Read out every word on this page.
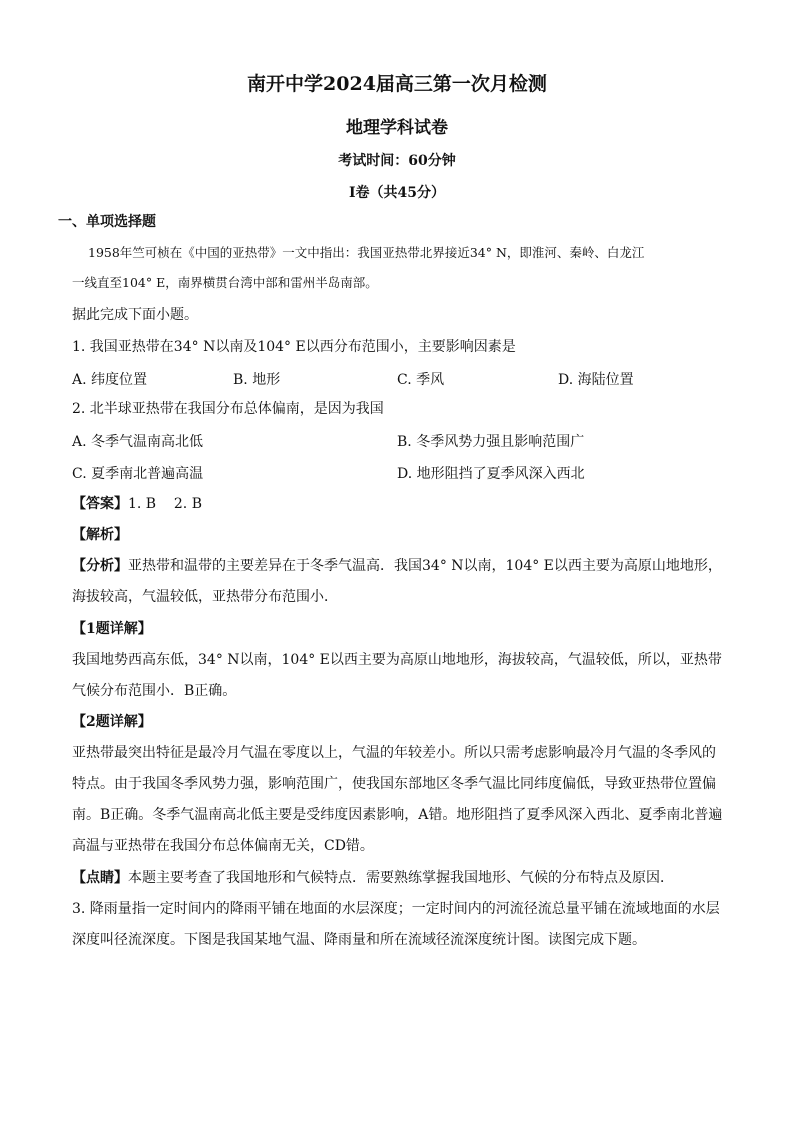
南开中学2024届高三第一次月检测
地理学科试卷
考试时间：60分钟
I卷（共45分）
一、单项选择题
1958年竺可桢在《中国的亚热带》一文中指出：我国亚热带北界接近34° N，即淮河、秦岭、白龙江
一线直至104° E，南界横贯台湾中部和雷州半岛南部。
据此完成下面小题。
1. 我国亚热带在34° N以南及104° E以西分布范围小，主要影响因素是
A. 纬度位置	B. 地形	C. 季风	D. 海陆位置
2. 北半球亚热带在我国分布总体偏南，是因为我国
A. 冬季气温南高北低	B. 冬季风势力强且影响范围广
C. 夏季南北普遍高温	D. 地形阻挡了夏季风深入西北
【答案】1. B    2. B
【解析】
【分析】亚热带和温带的主要差异在于冬季气温高．我国34° N以南，104° E以西主要为高原山地地形，
海拔较高，气温较低，亚热带分布范围小．
【1题详解】
我国地势西高东低，34° N以南，104° E以西主要为高原山地地形，海拔较高，气温较低，所以，亚热带
气候分布范围小．B正确。
【2题详解】
亚热带最突出特征是最冷月气温在零度以上，气温的年较差小。所以只需考虑影响最冷月气温的冬季风的
特点。由于我国冬季风势力强，影响范围广，使我国东部地区冬季气温比同纬度偏低，导致亚热带位置偏
南。B正确。冬季气温南高北低主要是受纬度因素影响，A错。地形阻挡了夏季风深入西北、夏季南北普遍
高温与亚热带在我国分布总体偏南无关，CD错。
【点睛】本题主要考查了我国地形和气候特点．需要熟练掌握我国地形、气候的分布特点及原因．
3. 降雨量指一定时间内的降雨平铺在地面的水层深度；一定时间内的河流径流总量平铺在流域地面的水层
深度叫径流深度。下图是我国某地气温、降雨量和所在流域径流深度统计图。读图完成下题。
